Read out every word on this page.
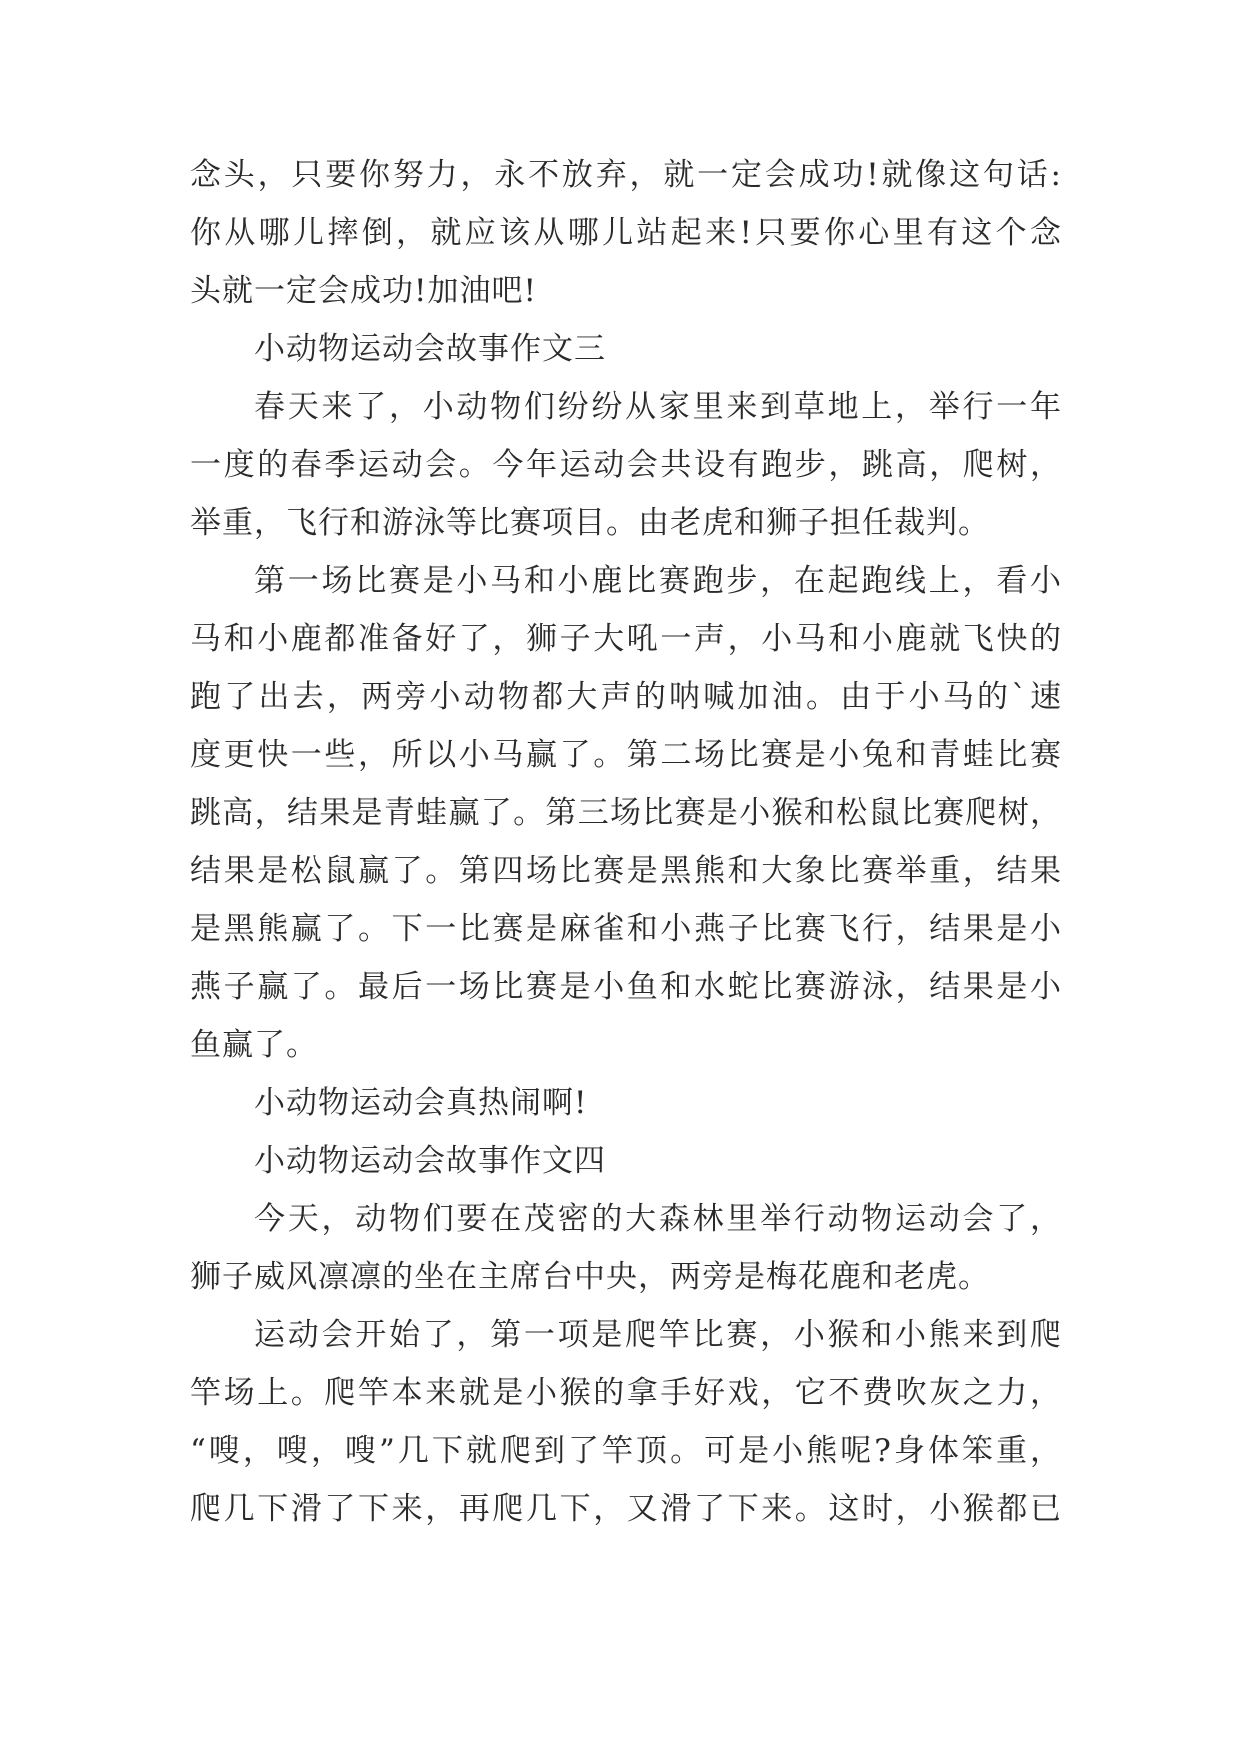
念头，只要你努力，永不放弃，就一定会成功!就像这句话:
你从哪儿摔倒，就应该从哪儿站起来!只要你心里有这个念
头就一定会成功!加油吧!
小动物运动会故事作文三
春天来了，小动物们纷纷从家里来到草地上，举行一年
一度的春季运动会。今年运动会共设有跑步，跳高，爬树，
举重，飞行和游泳等比赛项目。由老虎和狮子担任裁判。
第一场比赛是小马和小鹿比赛跑步，在起跑线上，看小
马和小鹿都准备好了，狮子大吼一声，小马和小鹿就飞快的
跑了出去，两旁小动物都大声的呐喊加油。由于小马的`速
度更快一些，所以小马赢了。第二场比赛是小兔和青蛙比赛
跳高，结果是青蛙赢了。第三场比赛是小猴和松鼠比赛爬树，
结果是松鼠赢了。第四场比赛是黑熊和大象比赛举重，结果
是黑熊赢了。下一比赛是麻雀和小燕子比赛飞行，结果是小
燕子赢了。最后一场比赛是小鱼和水蛇比赛游泳，结果是小
鱼赢了。
小动物运动会真热闹啊!
小动物运动会故事作文四
今天，动物们要在茂密的大森林里举行动物运动会了，
狮子威风凛凛的坐在主席台中央，两旁是梅花鹿和老虎。
运动会开始了，第一项是爬竿比赛，小猴和小熊来到爬
竿场上。爬竿本来就是小猴的拿手好戏，它不费吹灰之力，
“嗖，嗖，嗖”几下就爬到了竿顶。可是小熊呢?身体笨重，
爬几下滑了下来，再爬几下，又滑了下来。这时，小猴都已
